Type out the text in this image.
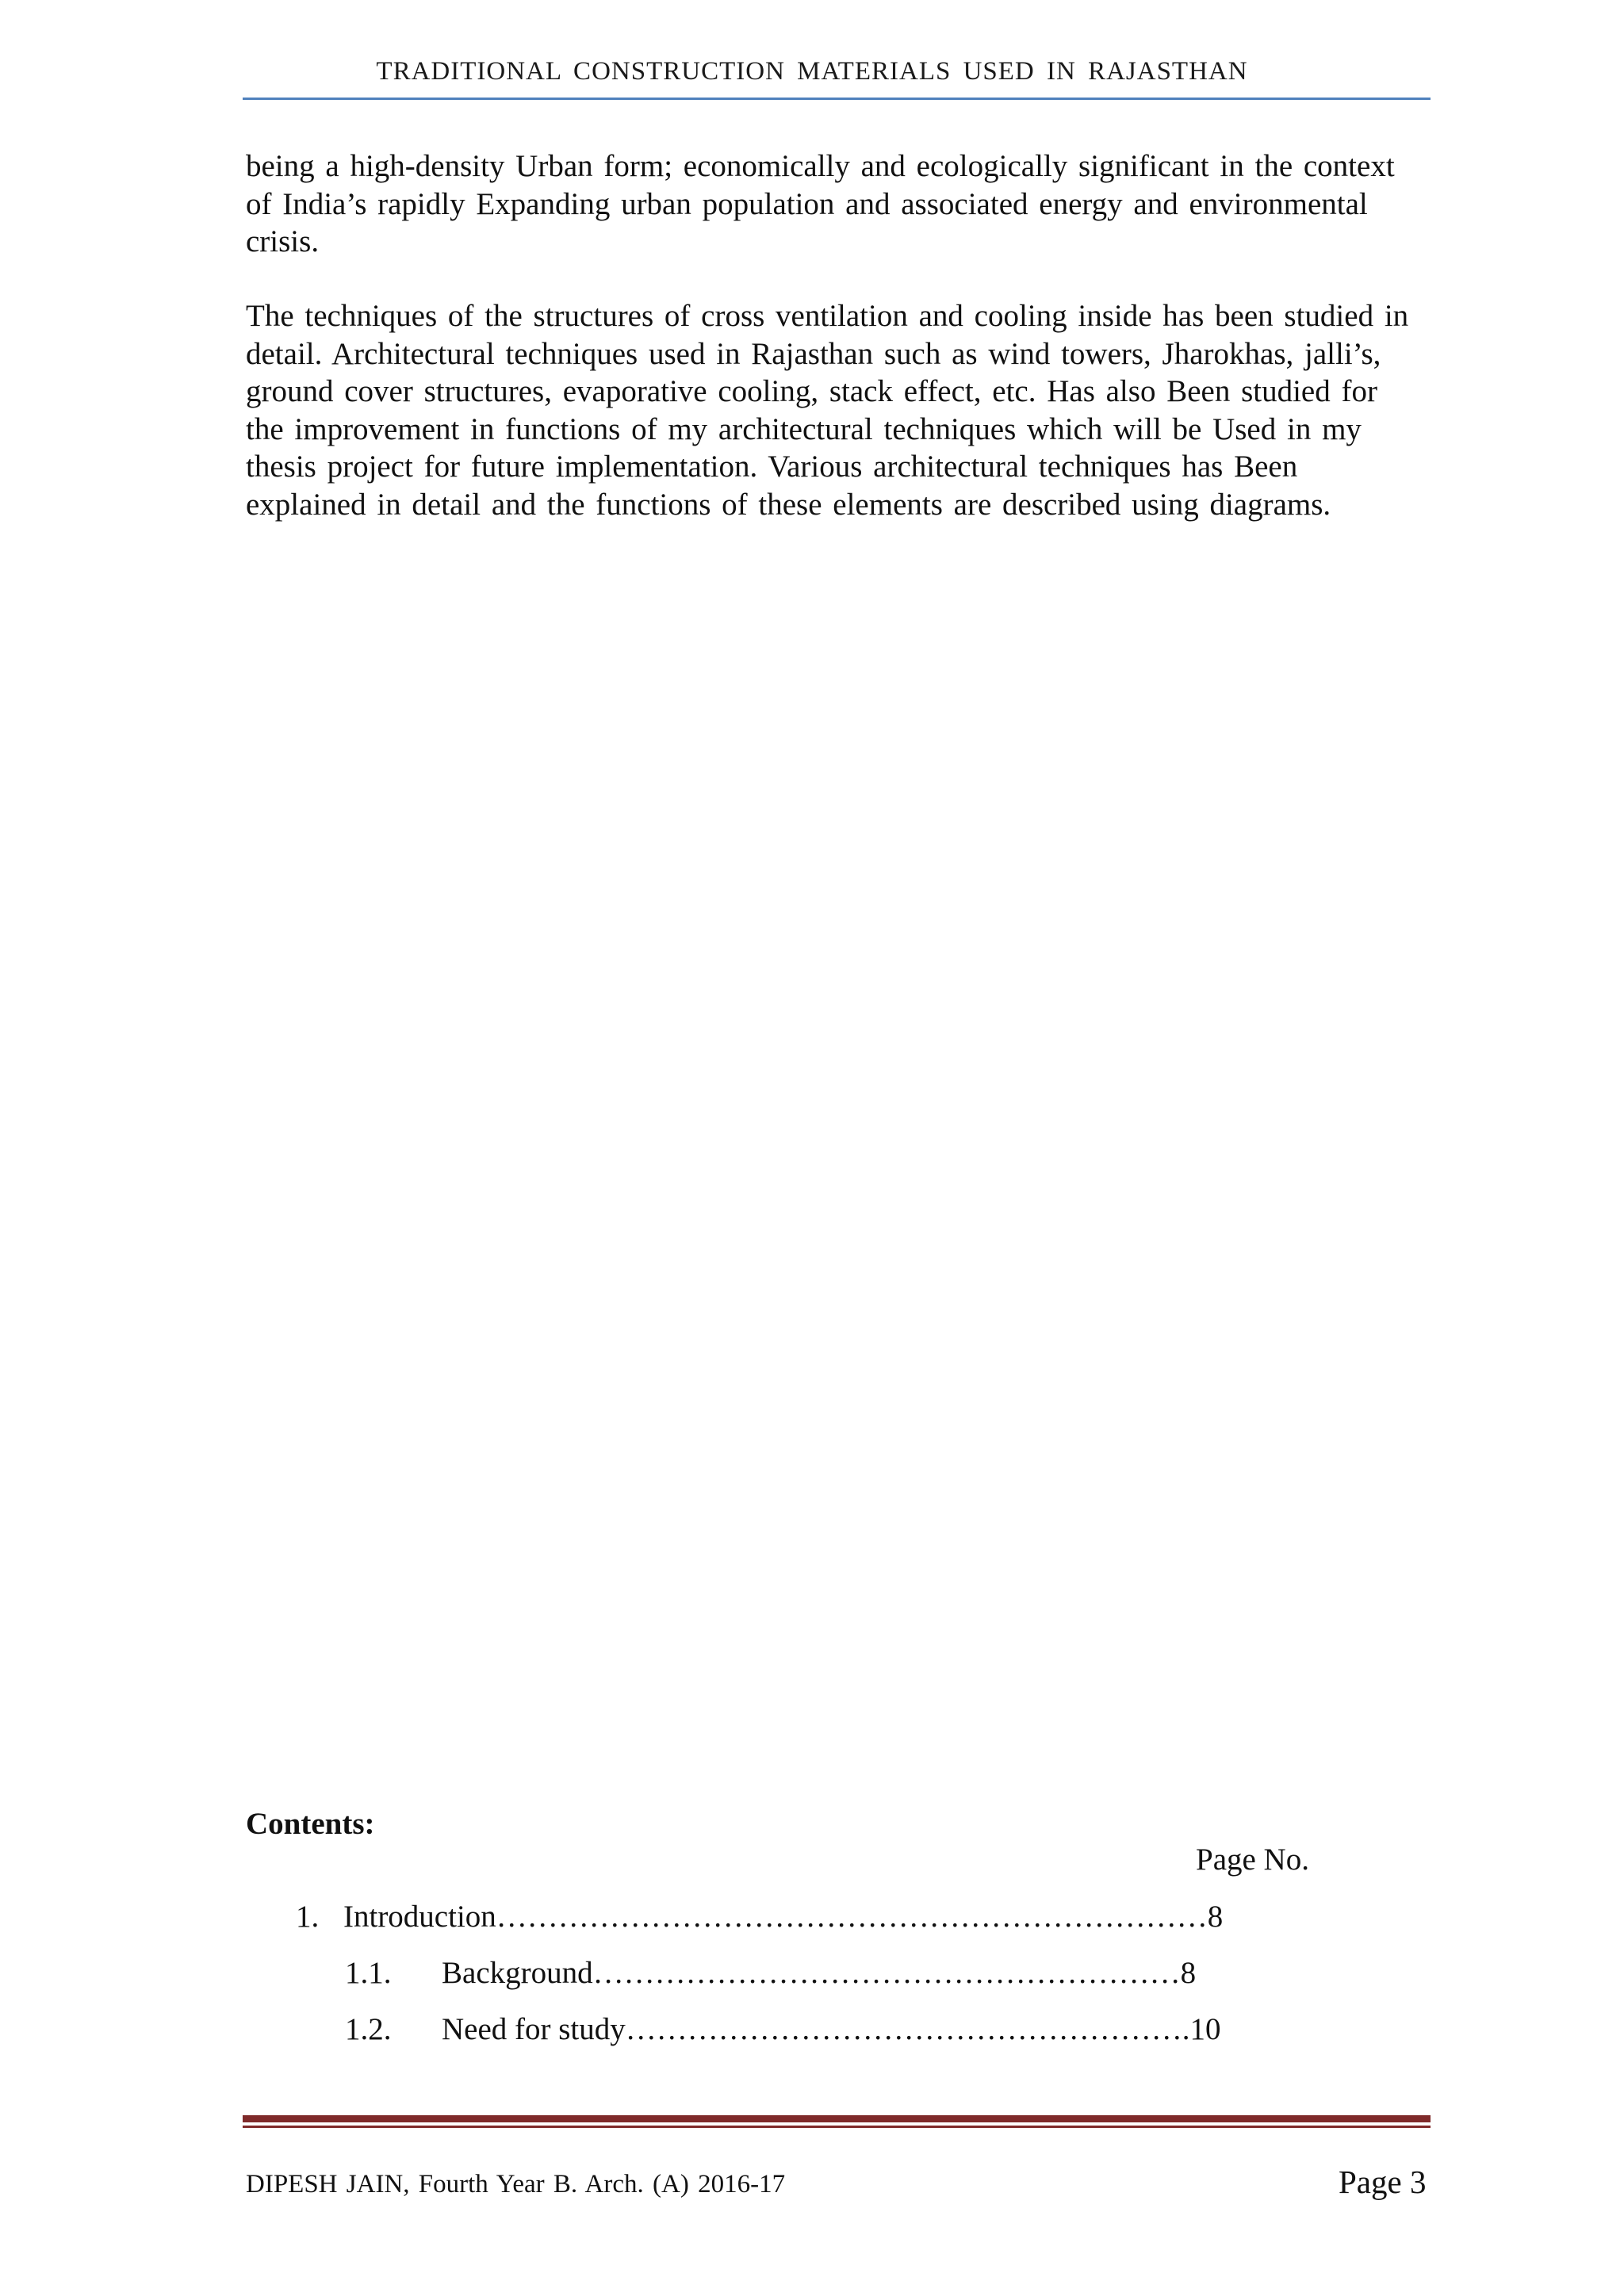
TRADITIONAL CONSTRUCTION MATERIALS USED IN RAJASTHAN
being a high-density Urban form; economically and ecologically significant in the context of India’s rapidly Expanding urban population and associated energy and environmental crisis.
The techniques of the structures of cross ventilation and cooling inside has been studied in detail. Architectural techniques used in Rajasthan such as wind towers, Jharokhas, jalli’s, ground cover structures, evaporative cooling, stack effect, etc. Has also Been studied for the improvement in functions of my architectural techniques which will be Used in my thesis project for future implementation. Various architectural techniques has Been explained in detail and the functions of these elements are described using diagrams.
Contents:
Page No.
1. Introduction……………………………………………………………8
1.1. Background…………………………………………………8
1.2. Need for study……………………………………………….10
DIPESH JAIN, Fourth Year B. Arch. (A) 2016-17	Page 3
